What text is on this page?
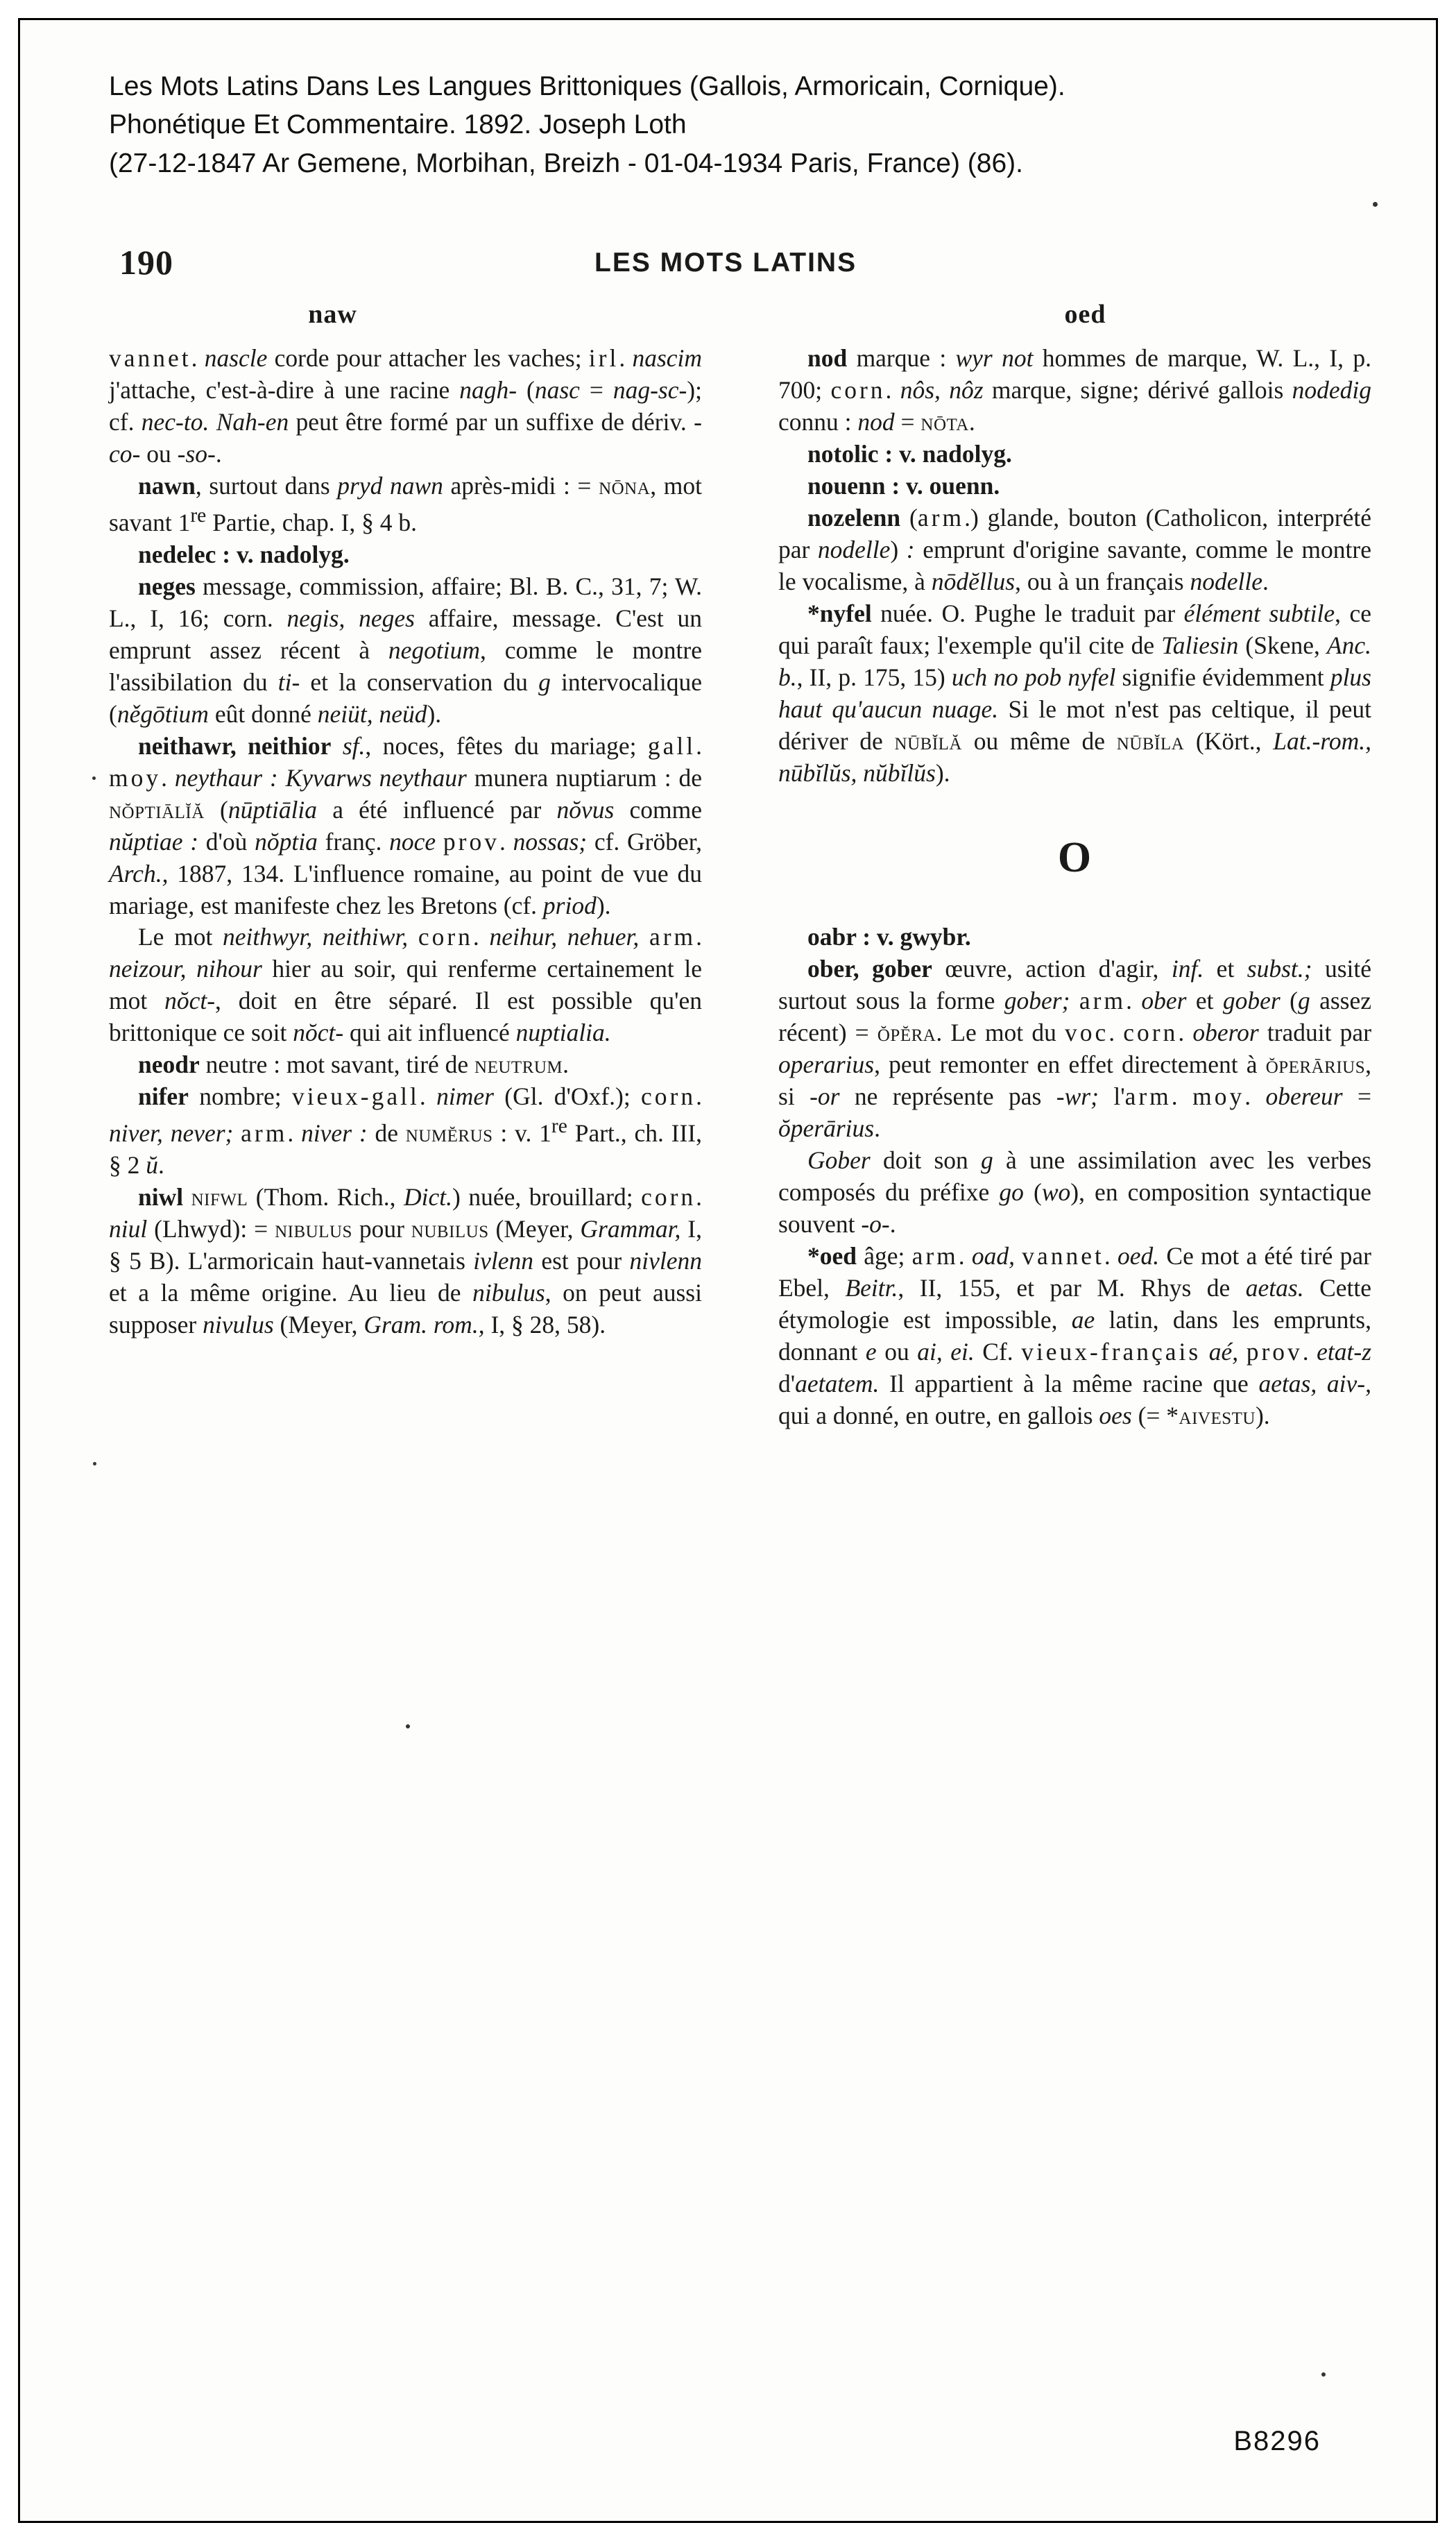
Les Mots Latins Dans Les Langues Brittoniques (Gallois, Armoricain, Cornique).
Phonétique Et Commentaire. 1892. Joseph Loth
(27-12-1847 Ar Gemene, Morbihan, Breizh - 01-04-1934 Paris, France) (86).
190	LES MOTS LATINS
naw

vannet. nascle corde pour attacher les vaches; irl. nascim j'attache, c'est-à-dire à une racine nagh- (nasc = nag-sc-); cf. nec-to. Nah-en peut être formé par un suffixe de dériv. -co- ou -so-.

nawn, surtout dans pryd nawn après-midi : = nōna, mot savant 1re Partie, chap. I, § 4 b.

nedelec : v. nadolyg.

neges message, commission, affaire; Bl. B. C., 31, 7; W. L., I, 16; corn. negis, neges affaire, message. C'est un emprunt assez récent à negotium, comme le montre l'assibilation du ti- et la conservation du g intervocalique (něgōtium eût donné neiüt, neüd).

neithawr, neithior sf., noces, fêtes du mariage; gall. moy. neythaur : Kyvarws neythaur munera nuptiarum : de nŏptiālĭă (nūptiālia a été influencé par nŏvus comme nŭptiae : d'où nŏptia franç. noce prov. nossas; cf. Gröber, Arch., 1887, 134. L'influence romaine, au point de vue du mariage, est manifeste chez les Bretons (cf. priod).

Le mot neithwyr, neithiwr, corn. neihur, nehuer, arm. neizour, nihour hier au soir, qui renferme certainement le mot nŏct-, doit en être séparé. Il est possible qu'en brittonique ce soit nŏct- qui ait influencé nuptialia.

neodr neutre : mot savant, tiré de neutrum.

nifer nombre; vieux-gall. nimer (Gl. d'Oxf.); corn. niver, never; arm. niver : de numĕrus : v. 1re Part., ch. III, § 2 ŭ.

niwl nifwl (Thom. Rich., Dict.) nuée, brouillard; corn. niul (Lhwyd): = nibulus pour nubilus (Meyer, Grammar, I, § 5 B). L'armoricain haut-vannetais ivlenn est pour nivlenn et a la même origine. Au lieu de nibulus, on peut aussi supposer nivulus (Meyer, Gram. rom., I, § 28, 58).

oed

nod marque : wyr not hommes de marque, W. L., I, p. 700; corn. nôs, nôz marque, signe; dérivé gallois nodedig connu : nod = nōta.

notolic : v. nadolyg.

nouenn : v. ouenn.

nozelenn (arm.) glande, bouton (Catholicon, interprété par nodelle) : emprunt d'origine savante, comme le montre le vocalisme, à nōdĕllus, ou à un français nodelle.

*nyfel nuée. O. Pughe le traduit par élément subtile, ce qui paraît faux; l'exemple qu'il cite de Taliesin (Skene, Anc. b., II, p. 175, 15) uch no pob nyfel signifie évidemment plus haut qu'aucun nuage. Si le mot n'est pas celtique, il peut dériver de nūbĭlă ou même de nūbĭla (Kört., Lat.-rom., nūbĭlŭs, nŭbĭlŭs).

O

oabr : v. gwybr.

ober, gober œuvre, action d'agir, inf. et subst.; usité surtout sous la forme gober; arm. ober et gober (g assez récent) = ŏpĕra. Le mot du voc. corn. oberor traduit par operarius, peut remonter en effet directement à ŏperārius, si -or ne représente pas -wr; l'arm. moy. obereur = ŏperārius.

Gober doit son g à une assimilation avec les verbes composés du préfixe go (wo), en composition syntactique souvent -o-.

*oed âge; arm. oad, vannet. oed. Ce mot a été tiré par Ebel, Beitr., II, 155, et par M. Rhys de aetas. Cette étymologie est impossible, ae latin, dans les emprunts, donnant e ou ai, ei. Cf. vieux-français aé, prov. etat-z d'aetatem. Il appartient à la même racine que aetas, aiv-, qui a donné, en outre, en gallois oes (= *aivestu).

B8296
